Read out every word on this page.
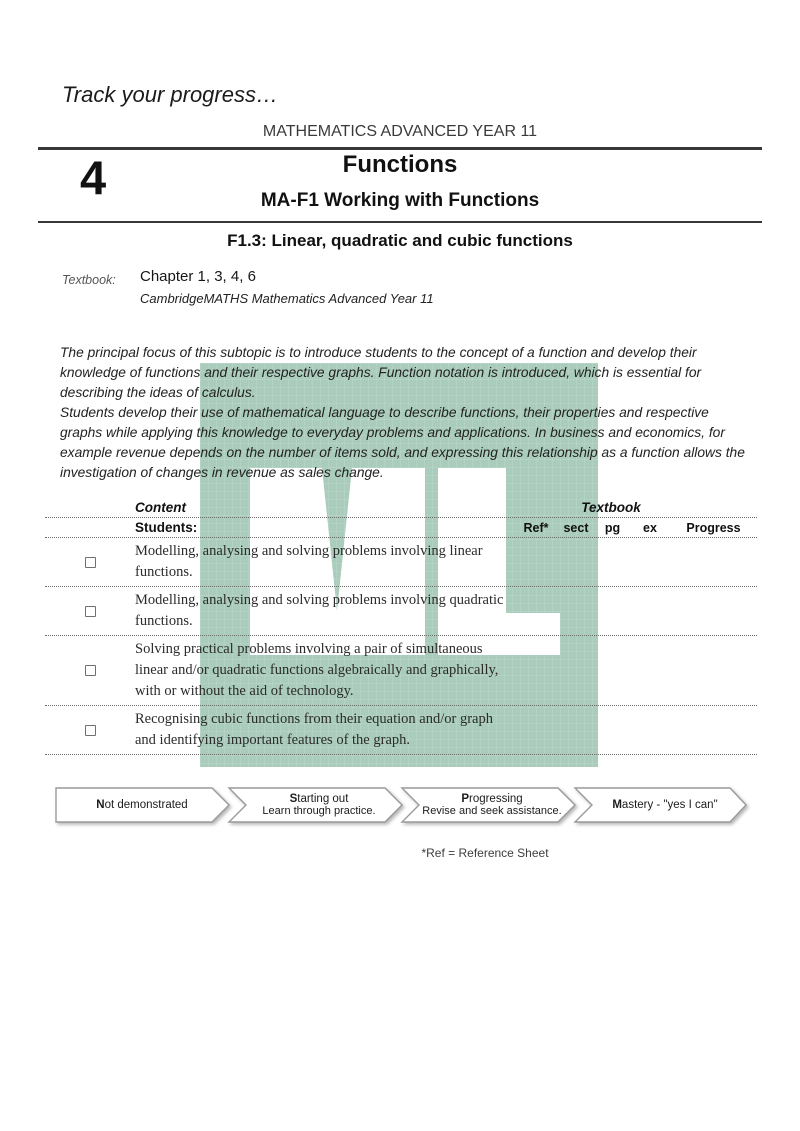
Track your progress…
MATHEMATICS ADVANCED YEAR 11
4	Functions
MA-F1 Working with Functions
F1.3: Linear, quadratic and cubic functions
Textbook: Chapter 1, 3, 4, 6
CambridgeMATHS Mathematics Advanced Year 11

The principal focus of this subtopic is to introduce students to the concept of a function and develop their knowledge of functions and their respective graphs. Function notation is introduced, which is essential for describing the ideas of calculus.

Students develop their use of mathematical language to describe functions, their properties and respective graphs while applying this knowledge to everyday problems and applications. In business and economics, for example revenue depends on the number of items sold, and expressing this relationship as a function allows the investigation of changes in revenue as sales change.

Content	Textbook
Students:	Ref*	sect	pg	ex	Progress
Modelling, analysing and solving problems involving linear functions.
Modelling, analysing and solving problems involving quadratic functions.
Solving practical problems involving a pair of simultaneous linear and/or quadratic functions algebraically and graphically, with or without the aid of technology.
Recognising cubic functions from their equation and/or graph and identifying important features of the graph.
Not demonstrated	Starting out
Learn through practice.
Progressing
Revise and seek assistance.	Mastery - "yes I can"
*Ref = Reference Sheet
